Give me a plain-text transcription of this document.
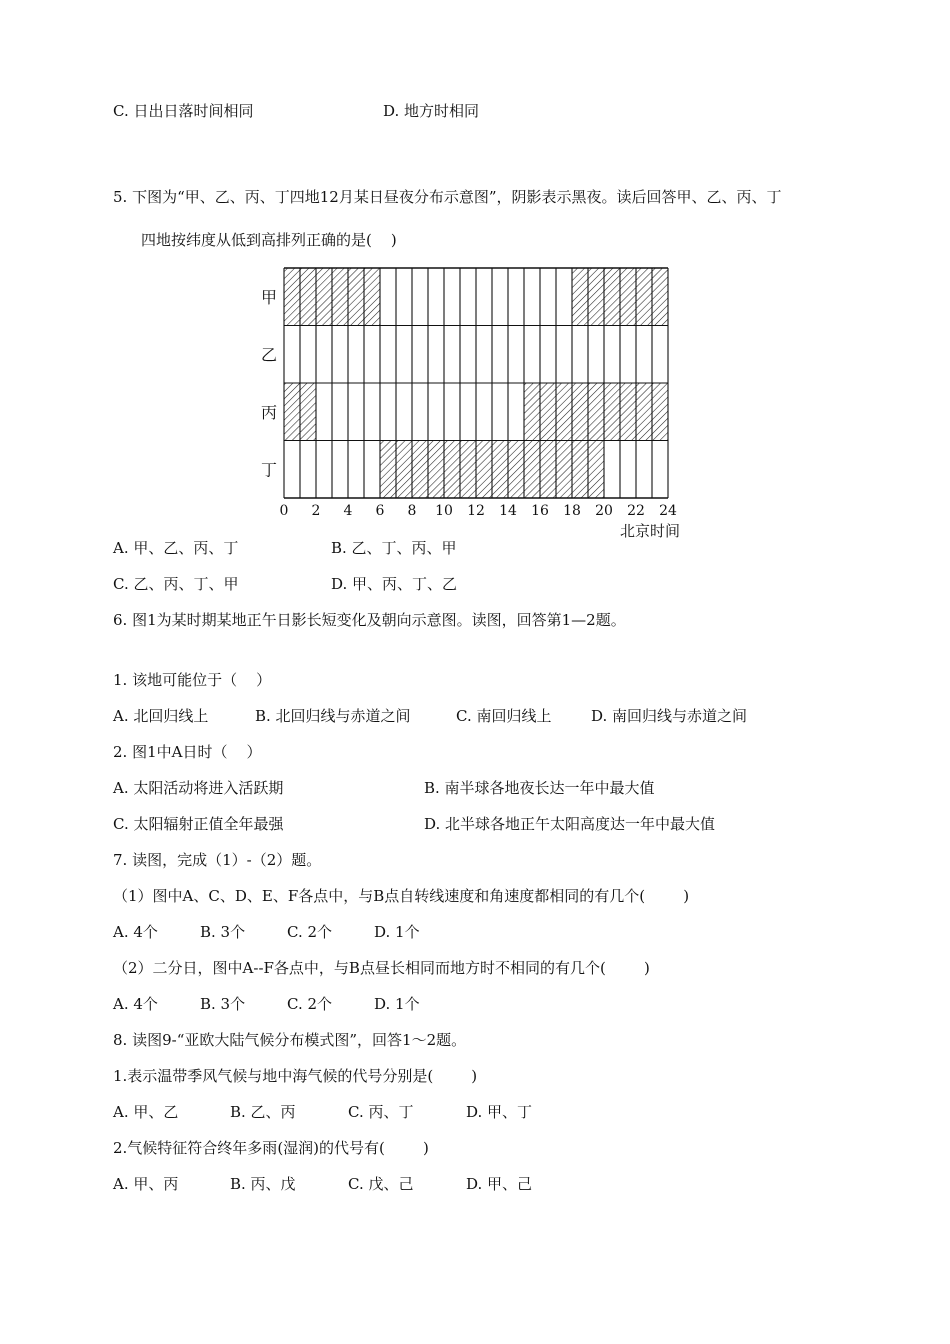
C. 日出日落时间相同	D. 地方时相同
5. 下图为“甲、乙、丙、丁四地12月某日昼夜分布示意图”，阴影表示黑夜。读后回答甲、乙、丙、丁
四地按纬度从低到高排列正确的是(    )
甲
乙
丙
丁
0 2 4 6 8 10 12 14 16 18 20 22 24
北京时间
A. 甲、乙、丙、丁	B. 乙、丁、丙、甲
C. 乙、丙、丁、甲	D. 甲、丙、丁、乙
6. 图1为某时期某地正午日影长短变化及朝向示意图。读图，回答第1—2题。
1. 该地可能位于（    ）
A. 北回归线上	B. 北回归线与赤道之间	C. 南回归线上	D. 南回归线与赤道之间
2. 图1中A日时（    ）
A. 太阳活动将进入活跃期	B. 南半球各地夜长达一年中最大值
C. 太阳辐射正值全年最强	D. 北半球各地正午太阳高度达一年中最大值
7. 读图，完成（1）-（2）题。
（1）图中A、C、D、E、F各点中，与B点自转线速度和角速度都相同的有几个(        )
A. 4个	B. 3个	C. 2个	D. 1个
（2）二分日，图中A--F各点中，与B点昼长相同而地方时不相同的有几个(        )
A. 4个	B. 3个	C. 2个	D. 1个
8. 读图9-“亚欧大陆气候分布模式图”，回答1～2题。
1.表示温带季风气候与地中海气候的代号分别是(        )
A. 甲、乙	B. 乙、丙	C. 丙、丁	D. 甲、丁
2.气候特征符合终年多雨(湿润)的代号有(        )
A. 甲、丙	B. 丙、戊	C. 戊、己	D. 甲、己
